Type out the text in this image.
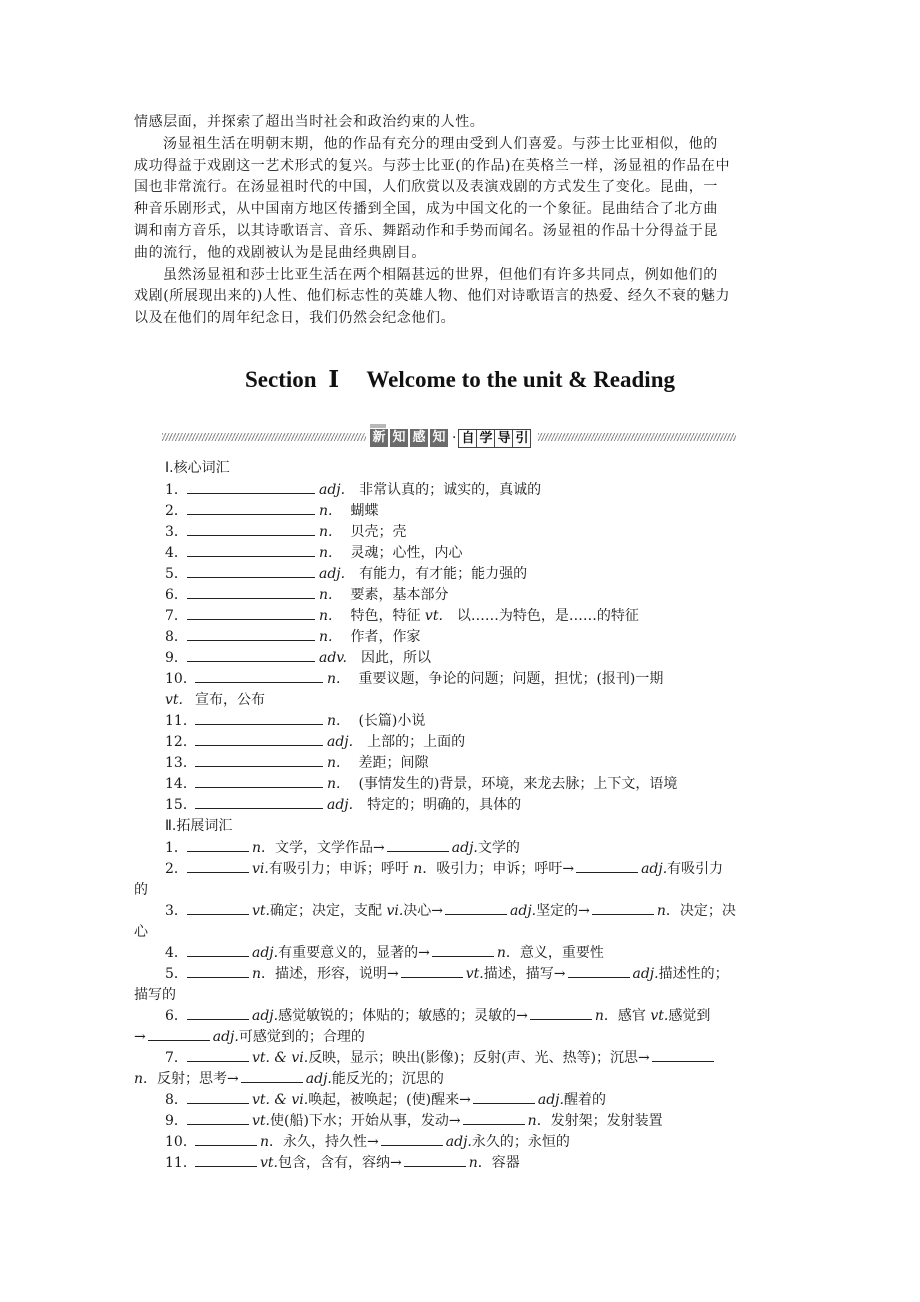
情感层面，并探索了超出当时社会和政治约束的人性。

汤显祖生活在明朝末期，他的作品有充分的理由受到人们喜爱。与莎士比亚相似，他的

成功得益于戏剧这一艺术形式的复兴。与莎士比亚(的作品)在英格兰一样，汤显祖的作品在中

国也非常流行。在汤显祖时代的中国，人们欣赏以及表演戏剧的方式发生了变化。昆曲，一

种音乐剧形式，从中国南方地区传播到全国，成为中国文化的一个象征。昆曲结合了北方曲

调和南方音乐，以其诗歌语言、音乐、舞蹈动作和手势而闻名。汤显祖的作品十分得益于昆

曲的流行，他的戏剧被认为是昆曲经典剧目。

虽然汤显祖和莎士比亚生活在两个相隔甚远的世界，但他们有许多共同点，例如他们的

戏剧(所展现出来的)人性、他们标志性的英雄人物、他们对诗歌语言的热爱、经久不衰的魅力

以及在他们的周年纪念日，我们仍然会纪念他们。

Section Ⅰ Welcome to the unit & Reading
新 知 感 知 · 自 学 导 引
Ⅰ.核心词汇
1．	adj. 非常认真的；诚实的，真诚的
2．	n. 蝴蝶
3．	n. 贝壳；壳
4．	n. 灵魂；心性，内心
5．	adj. 有能力，有才能；能力强的
6．	n. 要素，基本部分
7．	n. 特色，特征 vt. 以……为特色，是……的特征
8．	n. 作者，作家
9．	adv. 因此，所以
10．	n. 重要议题，争论的问题；问题，担忧；(报刊)一期
vt. 宣布，公布
11．	n. (长篇)小说
12．	adj. 上部的；上面的
13．	n. 差距；间隙
14．	n. (事情发生的)背景，环境，来龙去脉；上下文，语境
15．	adj. 特定的；明确的，具体的
Ⅱ.拓展词汇
1．	n．文学，文学作品→	adj.文学的
2．	vi.有吸引力；申诉；呼吁 n．吸引力；申诉；呼吁→	adj.有吸引力
的
3．	vt.确定；决定，支配 vi.决心→	adj.坚定的→	n．决定；决
心
4．	adj.有重要意义的，显著的→	n．意义，重要性
5．	n．描述，形容，说明→	vt.描述，描写→	adj.描述性的；
描写的
6．	adj.感觉敏锐的；体贴的；敏感的；灵敏的→	n．感官 vt.感觉到
→	adj.可感觉到的；合理的
7．	vt. & vi.反映，显示；映出(影像)；反射(声、光、热等)；沉思→
n．反射；思考→	adj.能反光的；沉思的
8．	vt. & vi.唤起，被唤起；(使)醒来→	adj.醒着的
9．	vt.使(船)下水；开始从事，发动→	n．发射架；发射装置
10．	n．永久，持久性→	adj.永久的；永恒的
11．	vt.包含，含有，容纳→	n．容器
